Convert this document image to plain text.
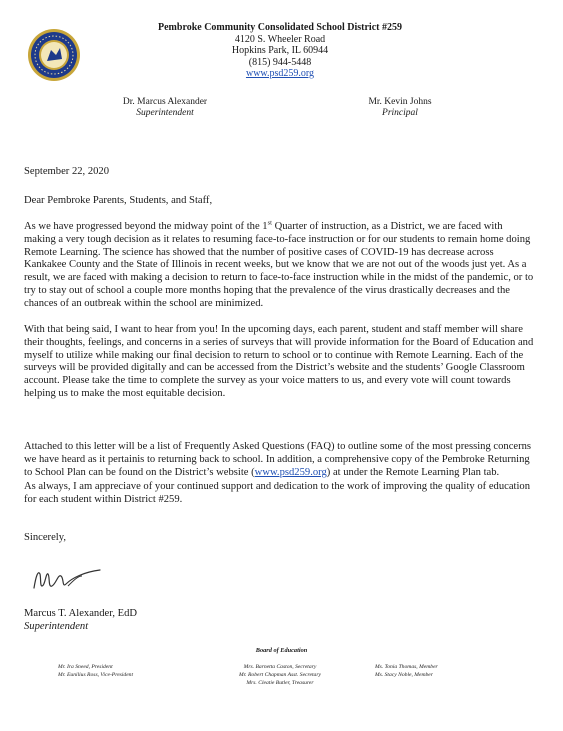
Pembroke Community Consolidated School District #259
4120 S. Wheeler Road
Hopkins Park, IL 60944
(815) 944-5448
www.psd259.org
Dr. Marcus Alexander
Superintendent
Mr. Kevin Johns
Principal
September 22, 2020
Dear Pembroke Parents, Students, and Staff,

As we have progressed beyond the midway point of the 1st Quarter of instruction, as a District, we are faced with making a very tough decision as it relates to resuming face-to-face instruction or for our students to remain home doing Remote Learning. The science has showed that the number of positive cases of COVID-19 has decrease across Kankakee County and the State of Illinois in recent weeks, but we know that we are not out of the woods just yet. As a result, we are faced with making a decision to return to face-to-face instruction while in the midst of the pandemic, or to try to stay out of school a couple more months hoping that the prevalence of the virus drastically decreases and the chances of an outbreak within the school are minimized.

With that being said, I want to hear from you! In the upcoming days, each parent, student and staff member will share their thoughts, feelings, and concerns in a series of surveys that will provide information for the Board of Education and myself to utilize while making our final decision to return to school or to continue with Remote Learning. Each of the surveys will be provided digitally and can be accessed from the District’s website and the students’ Google Classroom account. Please take the time to complete the survey as your voice matters to us, and every vote will count towards helping us to make the most equitable decision.

Attached to this letter will be a list of Frequently Asked Questions (FAQ) to outline some of the most pressing concerns we have heard as it pertainis to returning back to school. In addition, a comprehensive copy of the Pembroke Returning to School Plan can be found on the District’s website (www.psd259.org) at under the Remote Learning Plan tab.

As always, I am appreciave of your continued support and dedication to the work of improving the quality of education for each student within District #259.

Sincerely,
Marcus T. Alexander, EdD
Superintendent
Board of Education
Mr. Ira Sneed, President
Mr. Eunilius Ross, Vice-President
Mrs. Barnetta Caston, Secretary
Mr. Robert Chapman Asst. Secretary
Mrs. Cleatie Butler, Treasurer
Ms. Tonia Thomas, Member
Ms. Stacy Noble, Member
